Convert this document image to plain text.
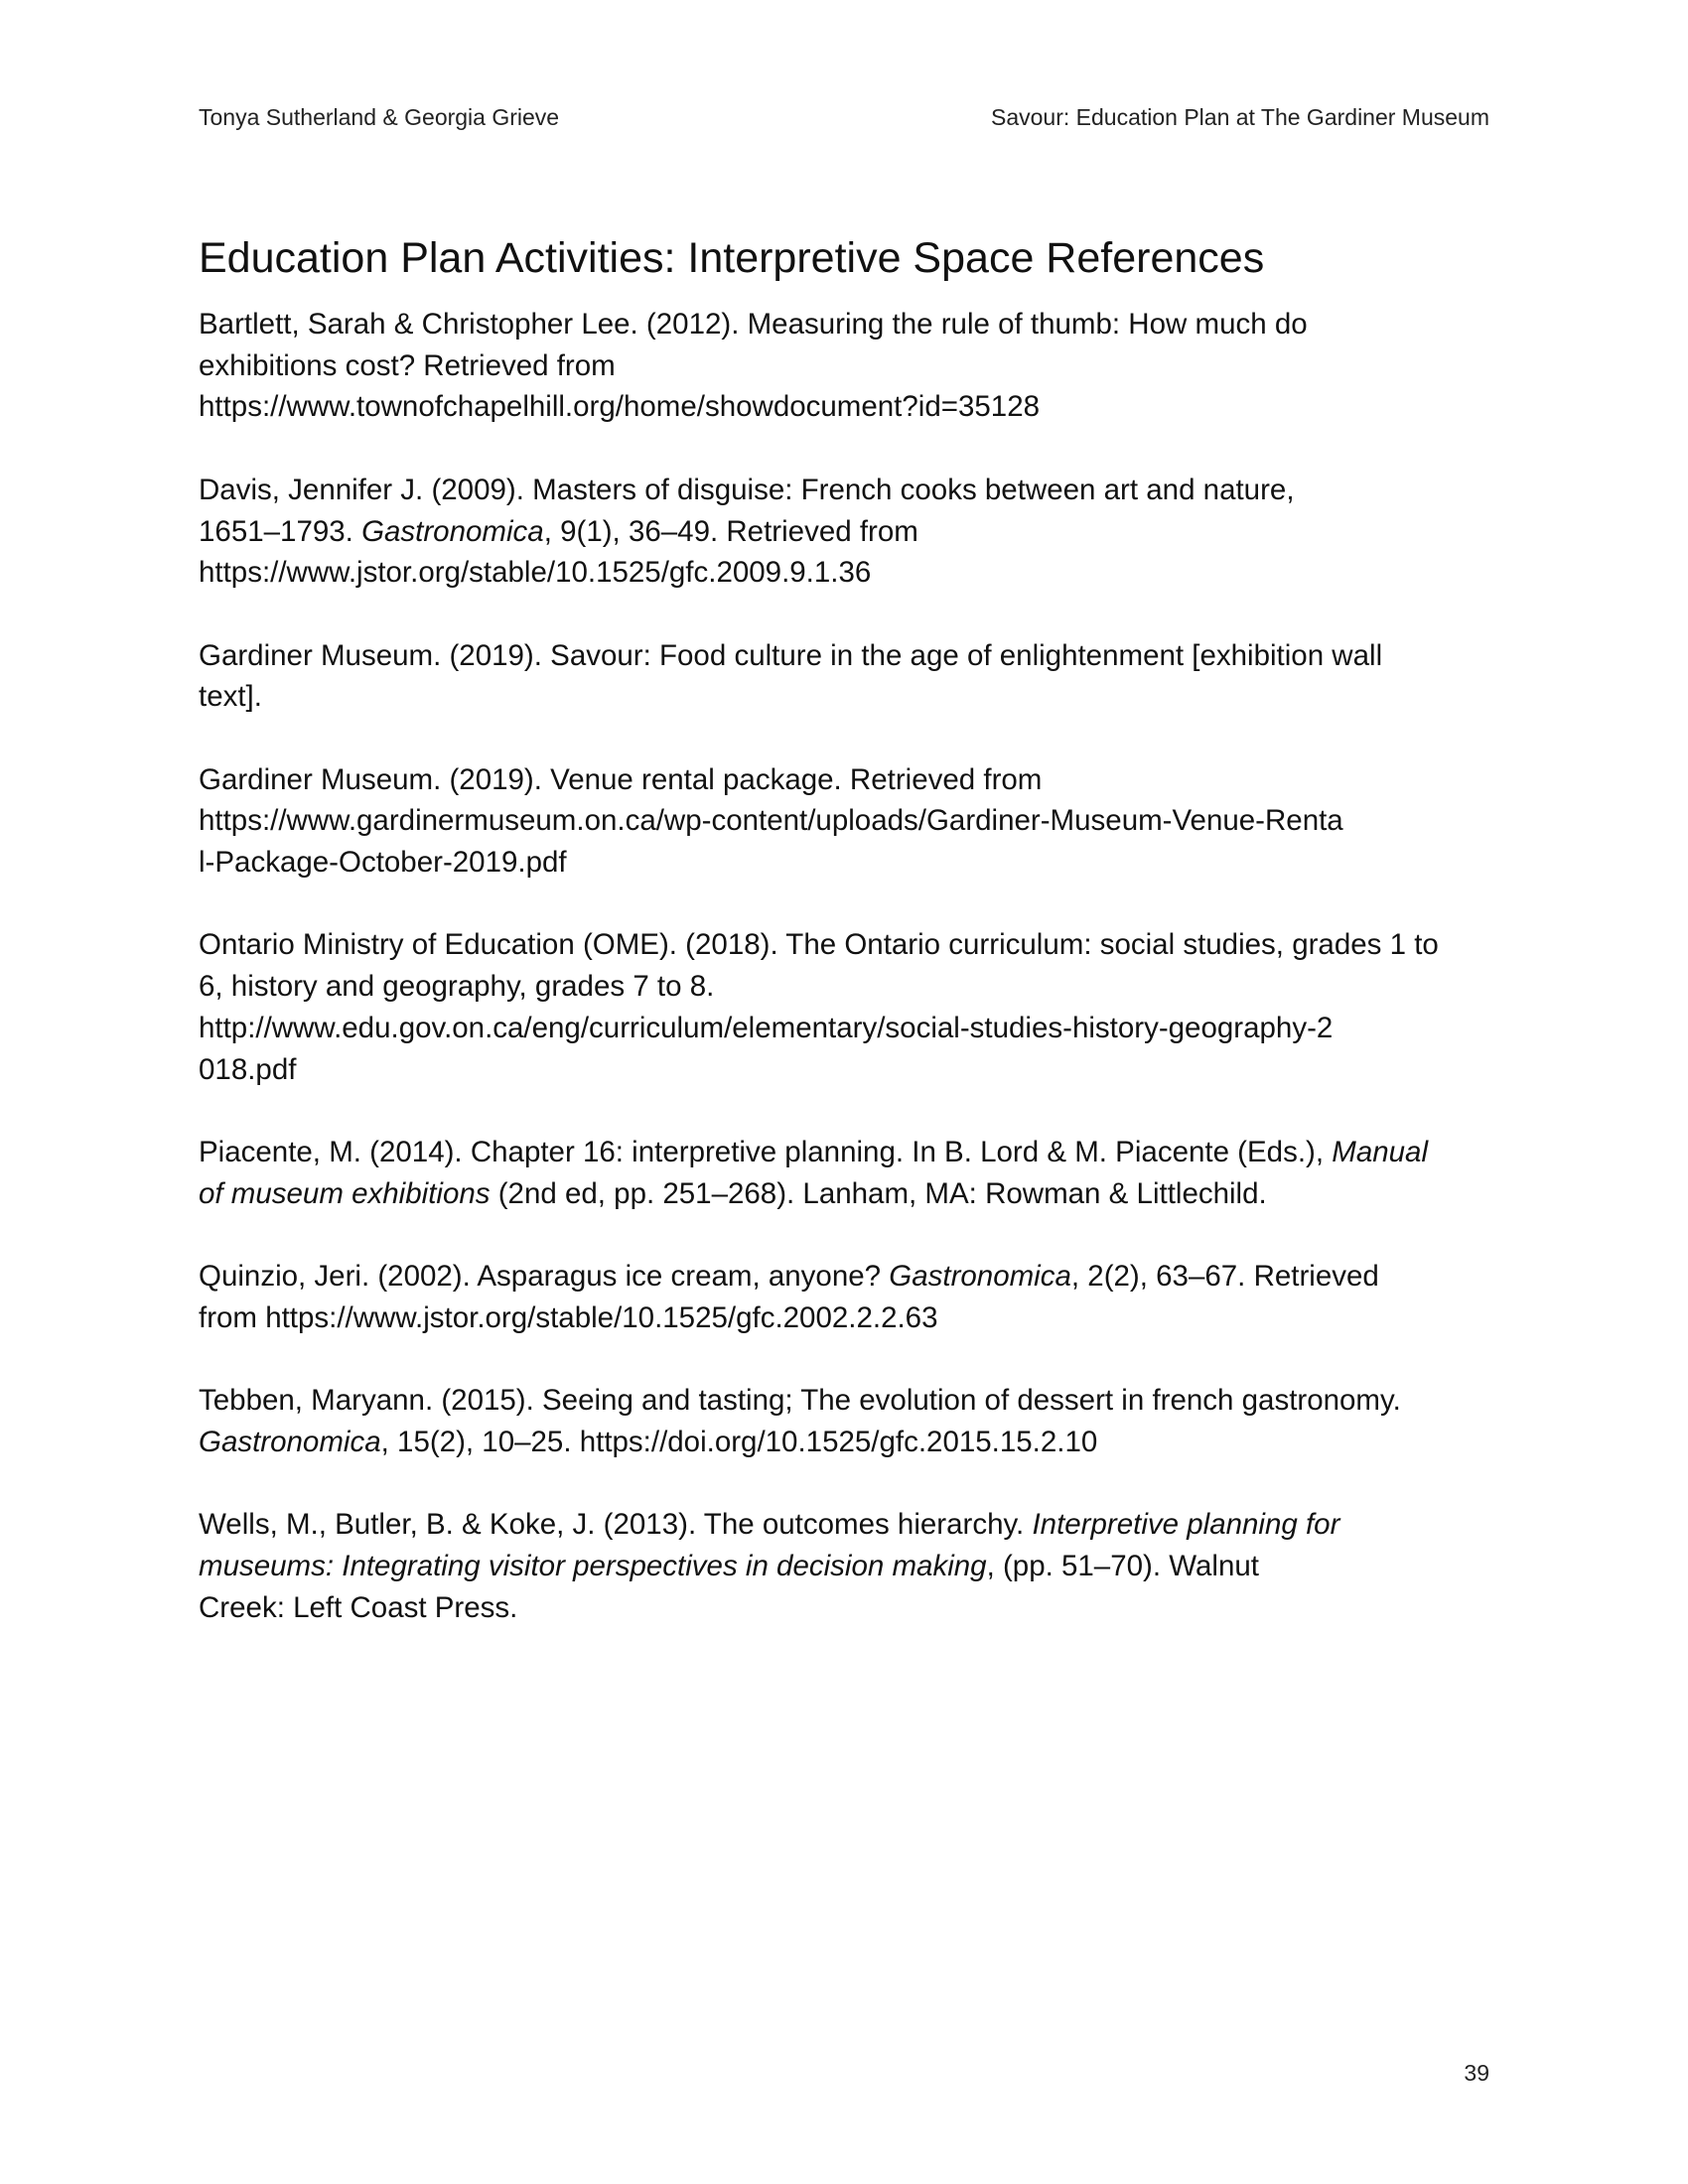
Tonya Sutherland & Georgia Grieve	Savour: Education Plan at The Gardiner Museum
Education Plan Activities: Interpretive Space References
Bartlett, Sarah & Christopher Lee. (2012). Measuring the rule of thumb: How much do
exhibitions cost? Retrieved from
https://www.townofchapelhill.org/home/showdocument?id=35128
Davis, Jennifer J. (2009). Masters of disguise: French cooks between art and nature,
1651–1793. Gastronomica, 9(1), 36–49. Retrieved from
https://www.jstor.org/stable/10.1525/gfc.2009.9.1.36
Gardiner Museum. (2019). Savour: Food culture in the age of enlightenment [exhibition wall
text].
Gardiner Museum. (2019). Venue rental package. Retrieved from
https://www.gardinermuseum.on.ca/wp-content/uploads/Gardiner-Museum-Venue-Renta
l-Package-October-2019.pdf
Ontario Ministry of Education (OME). (2018). The Ontario curriculum: social studies, grades 1 to
6, history and geography, grades 7 to 8.
http://www.edu.gov.on.ca/eng/curriculum/elementary/social-studies-history-geography-2
018.pdf
Piacente, M. (2014). Chapter 16: interpretive planning. In B. Lord & M. Piacente (Eds.), Manual
of museum exhibitions (2nd ed, pp. 251–268). Lanham, MA: Rowman & Littlechild.
Quinzio, Jeri. (2002). Asparagus ice cream, anyone? Gastronomica, 2(2), 63–67. Retrieved
from https://www.jstor.org/stable/10.1525/gfc.2002.2.2.63
Tebben, Maryann. (2015). Seeing and tasting; The evolution of dessert in french gastronomy.
Gastronomica, 15(2), 10–25. https://doi.org/10.1525/gfc.2015.15.2.10
Wells, M., Butler, B. & Koke, J. (2013). The outcomes hierarchy. Interpretive planning for
museums: Integrating visitor perspectives in decision making, (pp. 51–70). Walnut
Creek: Left Coast Press.
39
